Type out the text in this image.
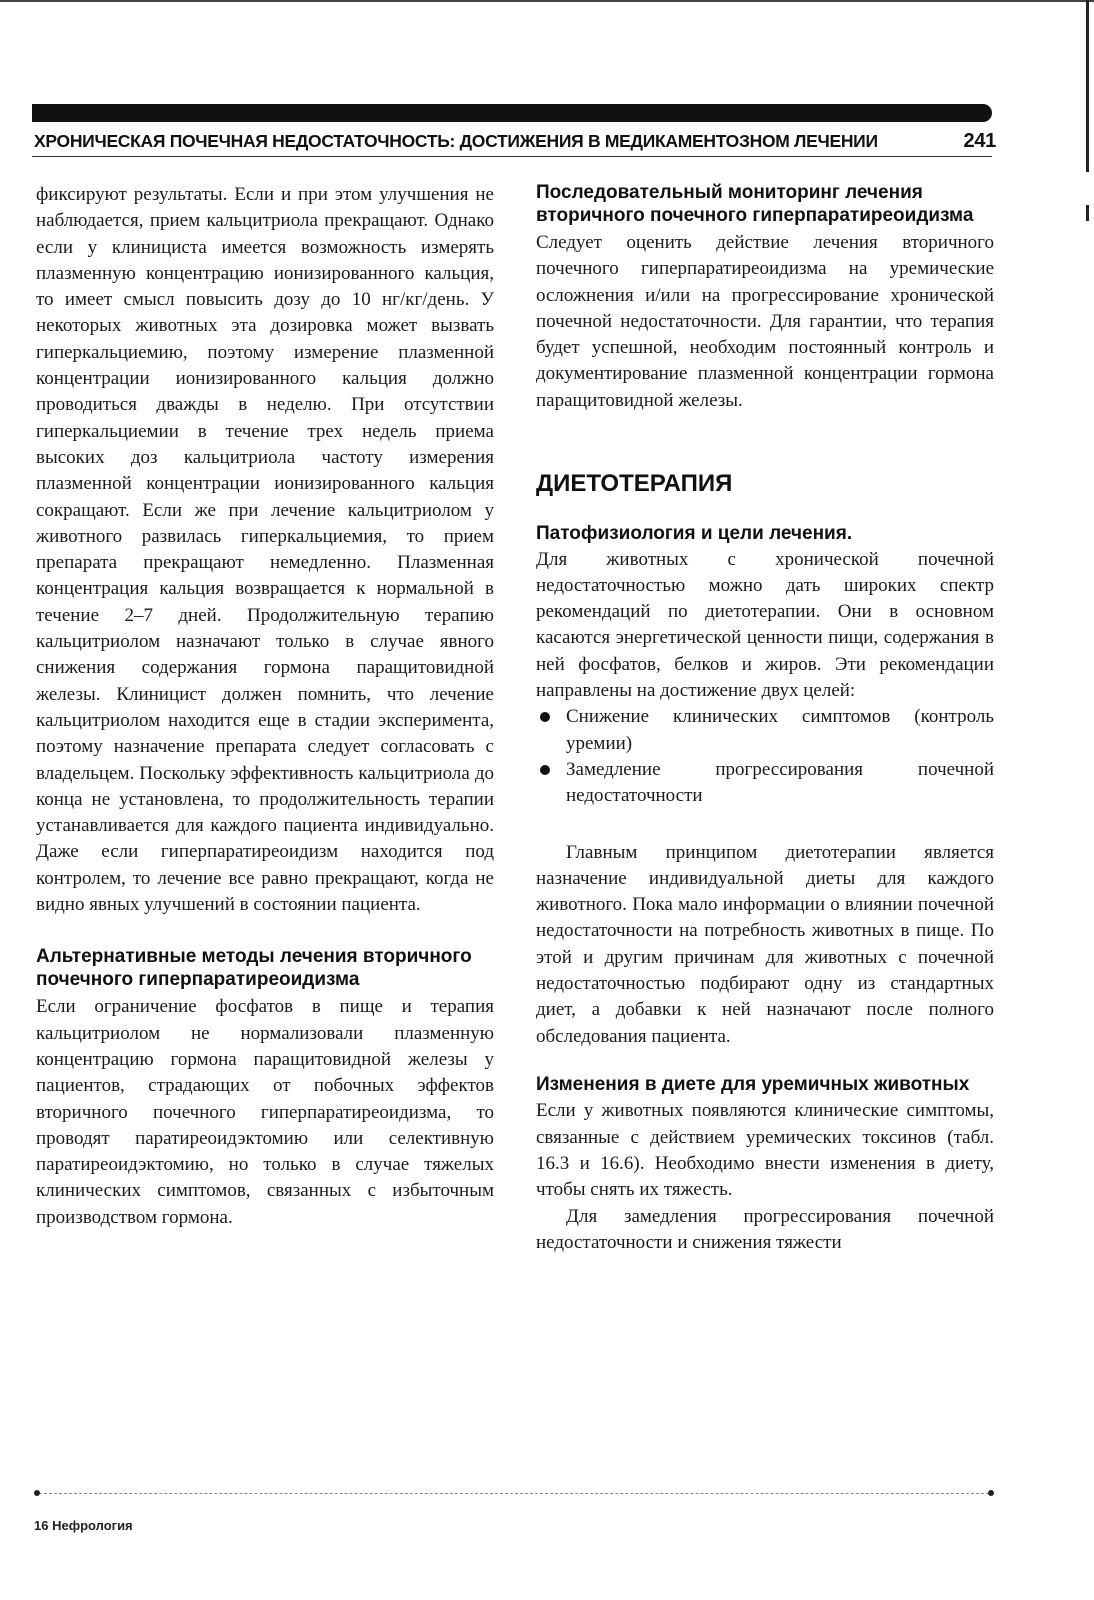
ХРОНИЧЕСКАЯ ПОЧЕЧНАЯ НЕДОСТАТОЧНОСТЬ: ДОСТИЖЕНИЯ В МЕДИКАМЕНТОЗНОМ ЛЕЧЕНИИ	241

фиксируют результаты. Если и при этом улучшения не наблюдается, прием кальцитриола прекращают. Однако если у клинициста имеется возможность измерять плазменную концентрацию ионизированного кальция, то имеет смысл повысить дозу до 10 нг/кг/день. У некоторых животных эта дозировка может вызвать гиперкальциемию, поэтому измерение плазменной концентрации ионизированного кальция должно проводиться дважды в неделю. При отсутствии гиперкальциемии в течение трех недель приема высоких доз кальцитриола частоту измерения плазменной концентрации ионизированного кальция сокращают. Если же при лечение кальцитриолом у животного развилась гиперкальциемия, то прием препарата прекращают немедленно. Плазменная концентрация кальция возвращается к нормальной в течение 2–7 дней. Продолжительную терапию кальцитриолом назначают только в случае явного снижения содержания гормона паращитовидной железы. Клиницист должен помнить, что лечение кальцитриолом находится еще в стадии эксперимента, поэтому назначение препарата следует согласовать с владельцем. Поскольку эффективность кальцитриола до конца не установлена, то продолжительность терапии устанавливается для каждого пациента индивидуально. Даже если гиперпаратиреоидизм находится под контролем, то лечение все равно прекращают, когда не видно явных улучшений в состоянии пациента.

Альтернативные методы лечения вторичного почечного гиперпаратиреоидизма

Если ограничение фосфатов в пище и терапия кальцитриолом не нормализовали плазменную концентрацию гормона паращитовидной железы у пациентов, страдающих от побочных эффектов вторичного почечного гиперпаратиреоидизма, то проводят паратиреоидэктомию или селективную паратиреоидэктомию, но только в случае тяжелых клинических симптомов, связанных с избыточным производством гормона.

Последовательный мониторинг лечения вторичного почечного гиперпаратиреоидизма

Следует оценить действие лечения вторичного почечного гиперпаратиреоидизма на уремические осложнения и/или на прогрессирование хронической почечной недостаточности. Для гарантии, что терапия будет успешной, необходим постоянный контроль и документирование плазменной концентрации гормона паращитовидной железы.

ДИЕТОТЕРАПИЯ
Патофизиология и цели лечения.

Для животных с хронической почечной недостаточностью можно дать широких спектр рекомендаций по диетотерапии. Они в основном касаются энергетической ценности пищи, содержания в ней фосфатов, белков и жиров. Эти рекомендации направлены на достижение двух целей:

Снижение клинических симптомов (контроль уремии)
Замедление прогрессирования почечной недостаточности

Главным принципом диетотерапии является назначение индивидуальной диеты для каждого животного. Пока мало информации о влиянии почечной недостаточности на потребность животных в пище. По этой и другим причинам для животных с почечной недостаточностью подбирают одну из стандартных диет, а добавки к ней назначают после полного обследования пациента.

Изменения в диете для уремичных животных

Если у животных появляются клинические симптомы, связанные с действием уремических токсинов (табл. 16.3 и 16.6). Необходимо внести изменения в диету, чтобы снять их тяжесть.

Для замедления прогрессирования почечной недостаточности и снижения тяжести

16 Нефрология
